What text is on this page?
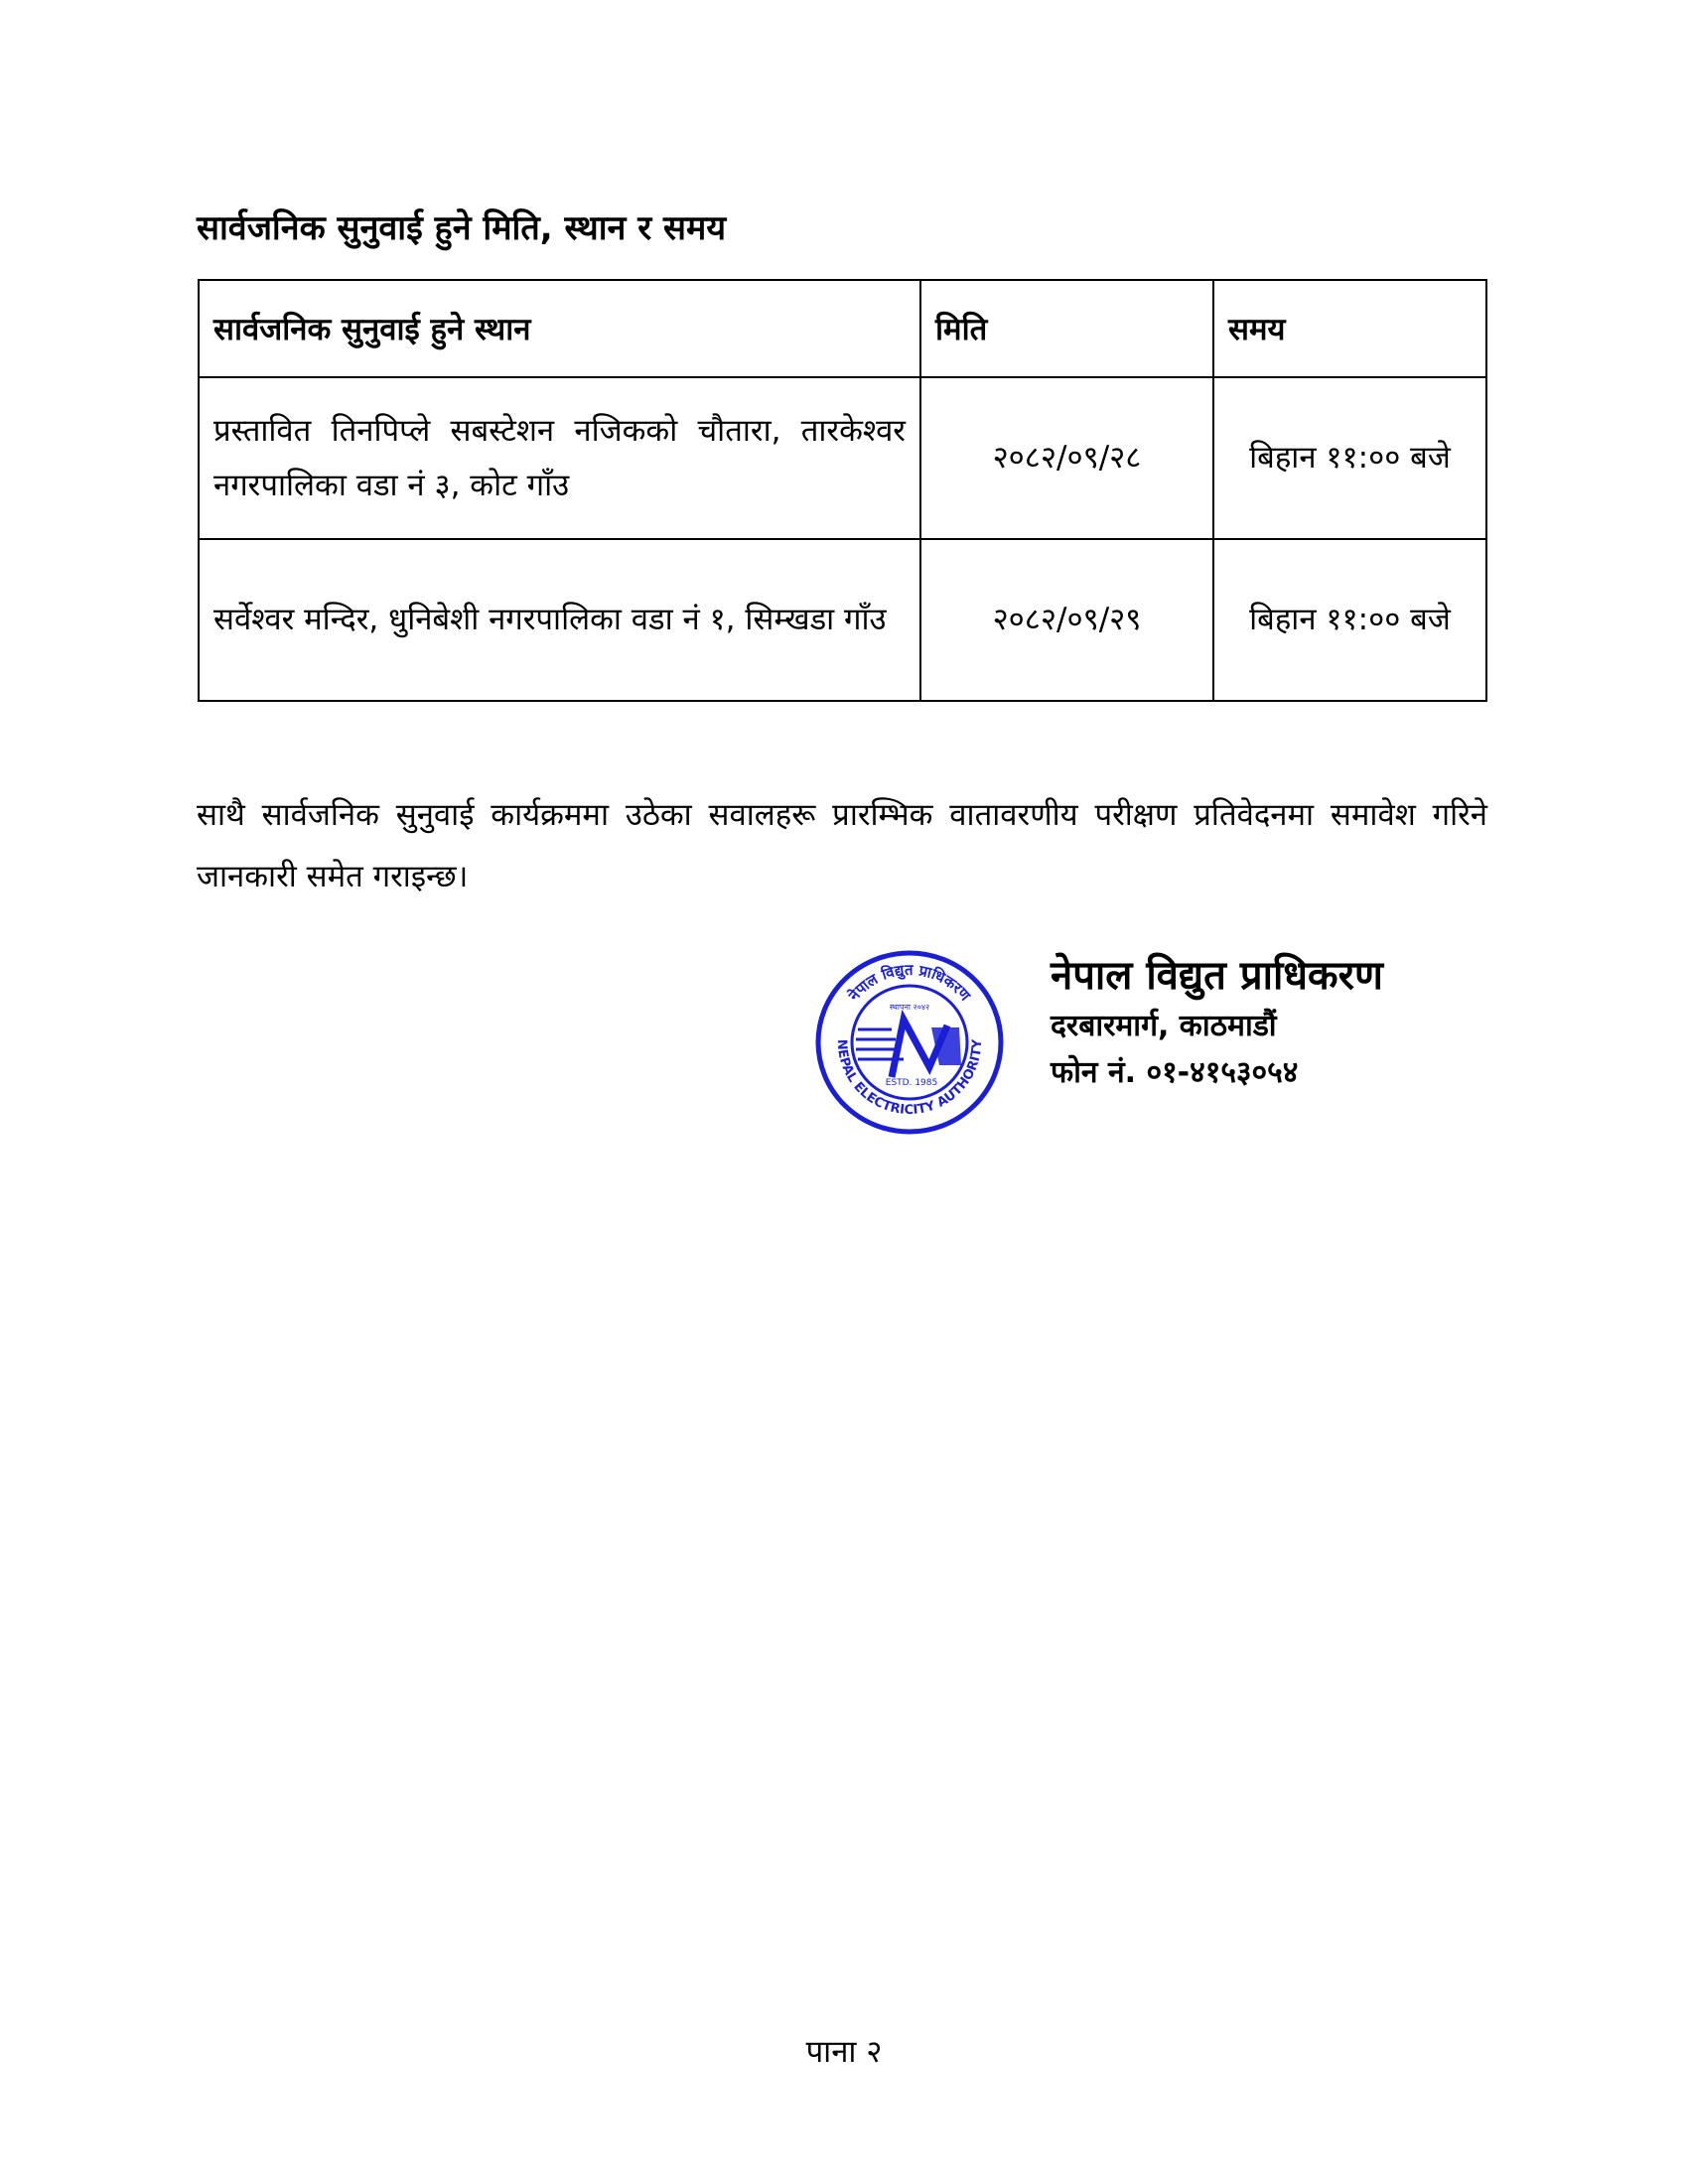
सार्वजनिक सुनुवाई हुने मिति, स्थान र समय
सार्वजनिक सुनुवाई हुने स्थान	मिति	समय
प्रस्तावित तिनपिप्ले सबस्टेशन नजिकको चौतारा, तारकेश्वर नगरपालिका वडा नं ३, कोट गाँउ	२०८२/०९/२८	बिहान ११:०० बजे
सर्वेश्वर मन्दिर, धुनिबेशी नगरपालिका वडा नं १, सिम्खडा गाँउ	२०८२/०९/२९	बिहान ११:०० बजे
साथै सार्वजनिक सुनुवाई कार्यक्रममा उठेका सवालहरू प्रारम्भिक वातावरणीय परीक्षण प्रतिवेदनमा समावेश गरिने जानकारी समेत गराइन्छ।
नेपाल विद्युत प्राधिकरण
NEPAL ELECTRICITY AUTHORITY
स्थापना २०४२
ESTD. 1985
नेपाल विद्युत प्राधिकरण
दरबारमार्ग, काठमाडौं
फोन नं. ०१-४१५३०५४
पाना २
